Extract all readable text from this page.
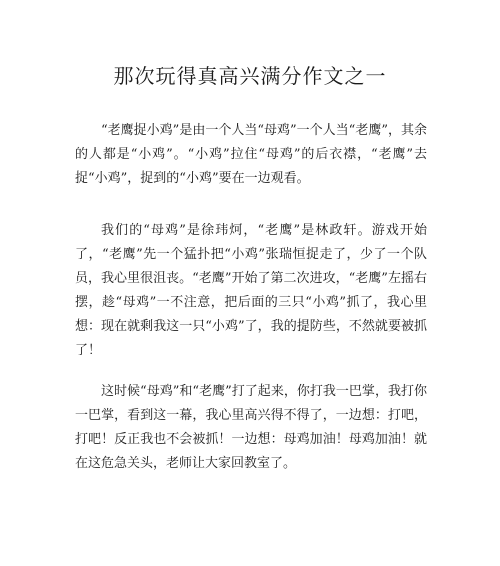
那次玩得真高兴满分作文之一

“老鹰捉小鸡”是由一个人当“母鸡”一个人当“老鹰”，其余的人都是“小鸡”。“小鸡”拉住“母鸡”的后衣襟，“老鹰”去捉“小鸡”，捉到的“小鸡”要在一边观看。

我们的“母鸡”是徐玮炣，“老鹰”是林政轩。游戏开始了，“老鹰”先一个猛扑把“小鸡”张瑞恒捉走了，少了一个队员，我心里很沮丧。“老鹰”开始了第二次进攻，“老鹰”左摇右摆，趁“母鸡”一不注意，把后面的三只“小鸡”抓了，我心里想：现在就剩我这一只“小鸡”了，我的提防些，不然就要被抓了！

这时候“母鸡”和“老鹰”打了起来，你打我一巴掌，我打你一巴掌，看到这一幕，我心里高兴得不得了，一边想：打吧，打吧！反正我也不会被抓！一边想：母鸡加油！母鸡加油！就在这危急关头，老师让大家回教室了。
